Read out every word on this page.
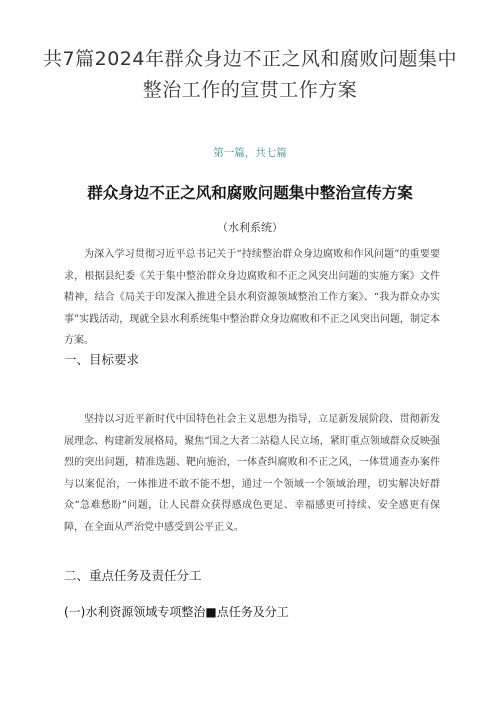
共7篇2024年群众身边不正之风和腐败问题集中整治工作的宣贯工作方案
第一篇，共七篇
群众身边不正之风和腐败问题集中整治宣传方案
（水利系统）

为深入学习贯彻习近平总书记关于“持续整治群众身边腐败和作风问题”的重要要求，根据县纪委《关于集中整治群众身边腐败和不正之风突出问题的实施方案》文件精神，结合《局关于印发深入推进全县水利资源领域整治工作方案》、“我为群众办实事”实践活动，现就全县水利系统集中整治群众身边腐败和不正之风突出问题，制定本方案。

一、目标要求

坚持以习近平新时代中国特色社会主义思想为指导，立足新发展阶段、贯彻新发展理念、构建新发展格局，聚焦“国之大者二站稳人民立场，紧盯重点领域群众反映强烈的突出问题，精准选题、靶向施治，一体查纠腐败和不正之风，一体贯通查办案件与以案促治，一体推进不敢不能不想，通过一个领域一个领域治理，切实解决好群众“急难愁盼”问题，让人民群众获得感成色更足、幸福感更可持续、安全感更有保障，在全面从严治党中感受到公平正义。

二、重点任务及责任分工
(一)水利资源领域专项整治■点任务及分工
